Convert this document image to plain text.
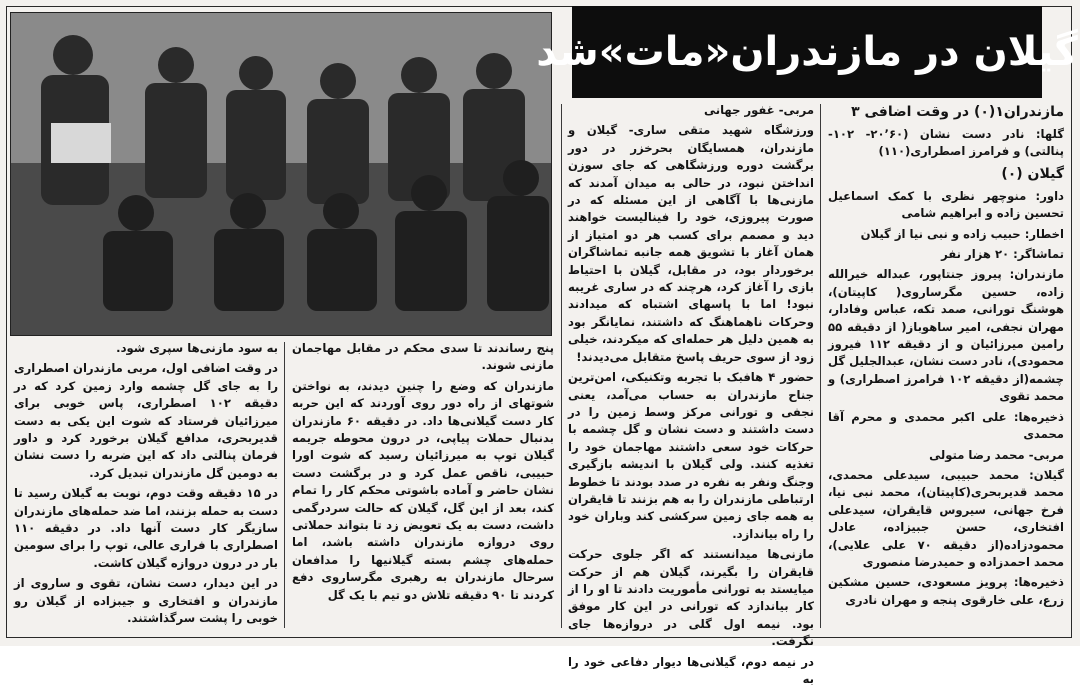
گیلان در مازندران«مات»شد

مازندران۱(۰) در وقت اضافی ۳

گلها: نادر دست نشان (۲۰٬۶۰- ۱۰۲- پنالتی) و فرامرز اصطراری(۱۱۰)

گیلان (۰)

داور: منوچهر نظری با کمک اسماعیل تحسین زاده و ابراهیم شامی

اخطار: حبیب زاده و نبی نیا از گیلان

تماشاگر: ۲۰ هزار نفر

مازندران: پیروز جنتاپور، عبداله خیرالله زاده، حسین مگرساروی( کاپیتان)، هوشنگ تورانی، صمد تکه، عباس وفادار، مهران نجفی، امیر ساهوباز( از دقیقه ۵۵ رامین میرزائیان و از دقیقه ۱۱۲ فیروز محمودی)، نادر دست نشان، عبدالجلیل گل چشمه(از دقیقه ۱۰۲ فرامرز اصطراری) و محمد تقوی

ذخیره‌ها: علی اکبر محمدی و محرم آقا محمدی

مربی- محمد رضا متولی

گیلان: محمد حبیبی، سیدعلی محمدی، محمد قدیربحری(کاپیتان)، محمد نبی نیا، فرخ جهانی، سیروس قایقران، سیدعلی افتخاری، حسن جبیزاده، عادل محمودزاده(از دقیقه ۷۰ علی علایی)، محمد احمدزاده و حمیدرضا منصوری

ذخیره‌ها: پرویز مسعودی، حسین مشکین زرع، علی خارقوی پنجه و مهران نادری

مربی- غفور جهانی

ورزشگاه شهید متقی ساری- گیلان و مازندران، همسایگان بحرخزر در دور برگشت دوره ورزشگاهی که جای سوزن انداختن نبود، در حالی به میدان آمدند که مازنی‌ها با آگاهی از این مسئله که در صورت پیروزی، خود را فینالیست خواهند دید و مصمم برای کسب هر دو امتیاز از همان آغاز با تشویق همه جانبه تماشاگران برخوردار بود، در مقابل، گیلان با احتیاط بازی را آغاز کرد، هرچند که در ساری غریبه نبود! اما با پاسهای اشتباه که میدادند وحرکات ناهماهنگ که داشتند، نمایانگر بود به همین دلیل هر حمله‌ای که میکردند، خیلی زود از سوی حریف پاسخ متقابل می‌دیدند!

حضور ۴ هافبک با تجربه وتکنیکی، امن‌ترین جناح مازندران به حساب می‌آمد، یعنی نجفی و تورانی مرکز وسط زمین را در دست داشتند و دست نشان و گل چشمه با حرکات خود سعی داشتند مهاجمان خود را تغذیه کنند. ولی گیلان با اندیشه بازگیری وجنگ ونفر به نفره در صدد بودند تا خطوط ارتباطی مازندران را به هم بزنند تا قایقران به همه جای زمین سرکشی کند وباران خود را راه بیاندازد.

مازنی‌ها میدانستند که اگر جلوی حرکت قایقران را بگیرند، گیلان هم از حرکت میایستد به تورانی مأموریت دادند تا او را از کار بیاندازد که تورانی در این کار موفق بود. نیمه اول گلی در دروازه‌ها جای نگرفت.

در نیمه دوم، گیلانی‌ها دیوار دفاعی خود را به

پنج رساندند تا سدی محکم در مقابل مهاجمان مازنی شوند.

مازندران که وضع را چنین دیدند، به نواختن شوتهای از راه دور روی آوردند که این حربه کار دست گیلانی‌ها داد. در دقیقه ۶۰ مازندران بدنبال حملات پیاپی، در درون محوطه جریمه گیلان توپ به میرزائیان رسید که شوت اورا حبیبی، ناقص عمل کرد و در برگشت دست نشان حاضر و آماده باشوتی محکم کار را تمام کند، بعد از این گل، گیلان که حالت سردرگمی داشت، دست به یک تعویض زد تا بتواند حملاتی روی دروازه مازندران داشته باشد، اما حمله‌های چشم بسته گیلانیها را مدافعان سرحال مازندران به رهبری مگرساروی دفع کردند تا ۹۰ دقیقه تلاش دو تیم با یک گل

به سود مازنی‌ها سپری شود.

در وقت اضافی اول، مربی مازندران اصطراری را به جای گل چشمه وارد زمین کرد که در دقیقه ۱۰۲ اصطراری، پاس خوبی برای میرزائیان فرستاد که شوت این یکی به دست قدیربحری، مدافع گیلان برخورد کرد و داور فرمان پنالتی داد که این ضربه را دست نشان به دومین گل مازندران تبدیل کرد.

در ۱۵ دقیقه وقت دوم، نوبت به گیلان رسید تا دست به حمله بزنند، اما ضد حمله‌های مازندران سازیگر کار دست آنها داد. در دقیقه ۱۱۰ اصطراری با فراری عالی، توپ را برای سومین بار در درون دروازه گیلان کاشت.

در این دیدار، دست نشان، تقوی و ساروی از مازندران و افتخاری و جیبزاده از گیلان رو خوبی را پشت سرگذاشتند.
